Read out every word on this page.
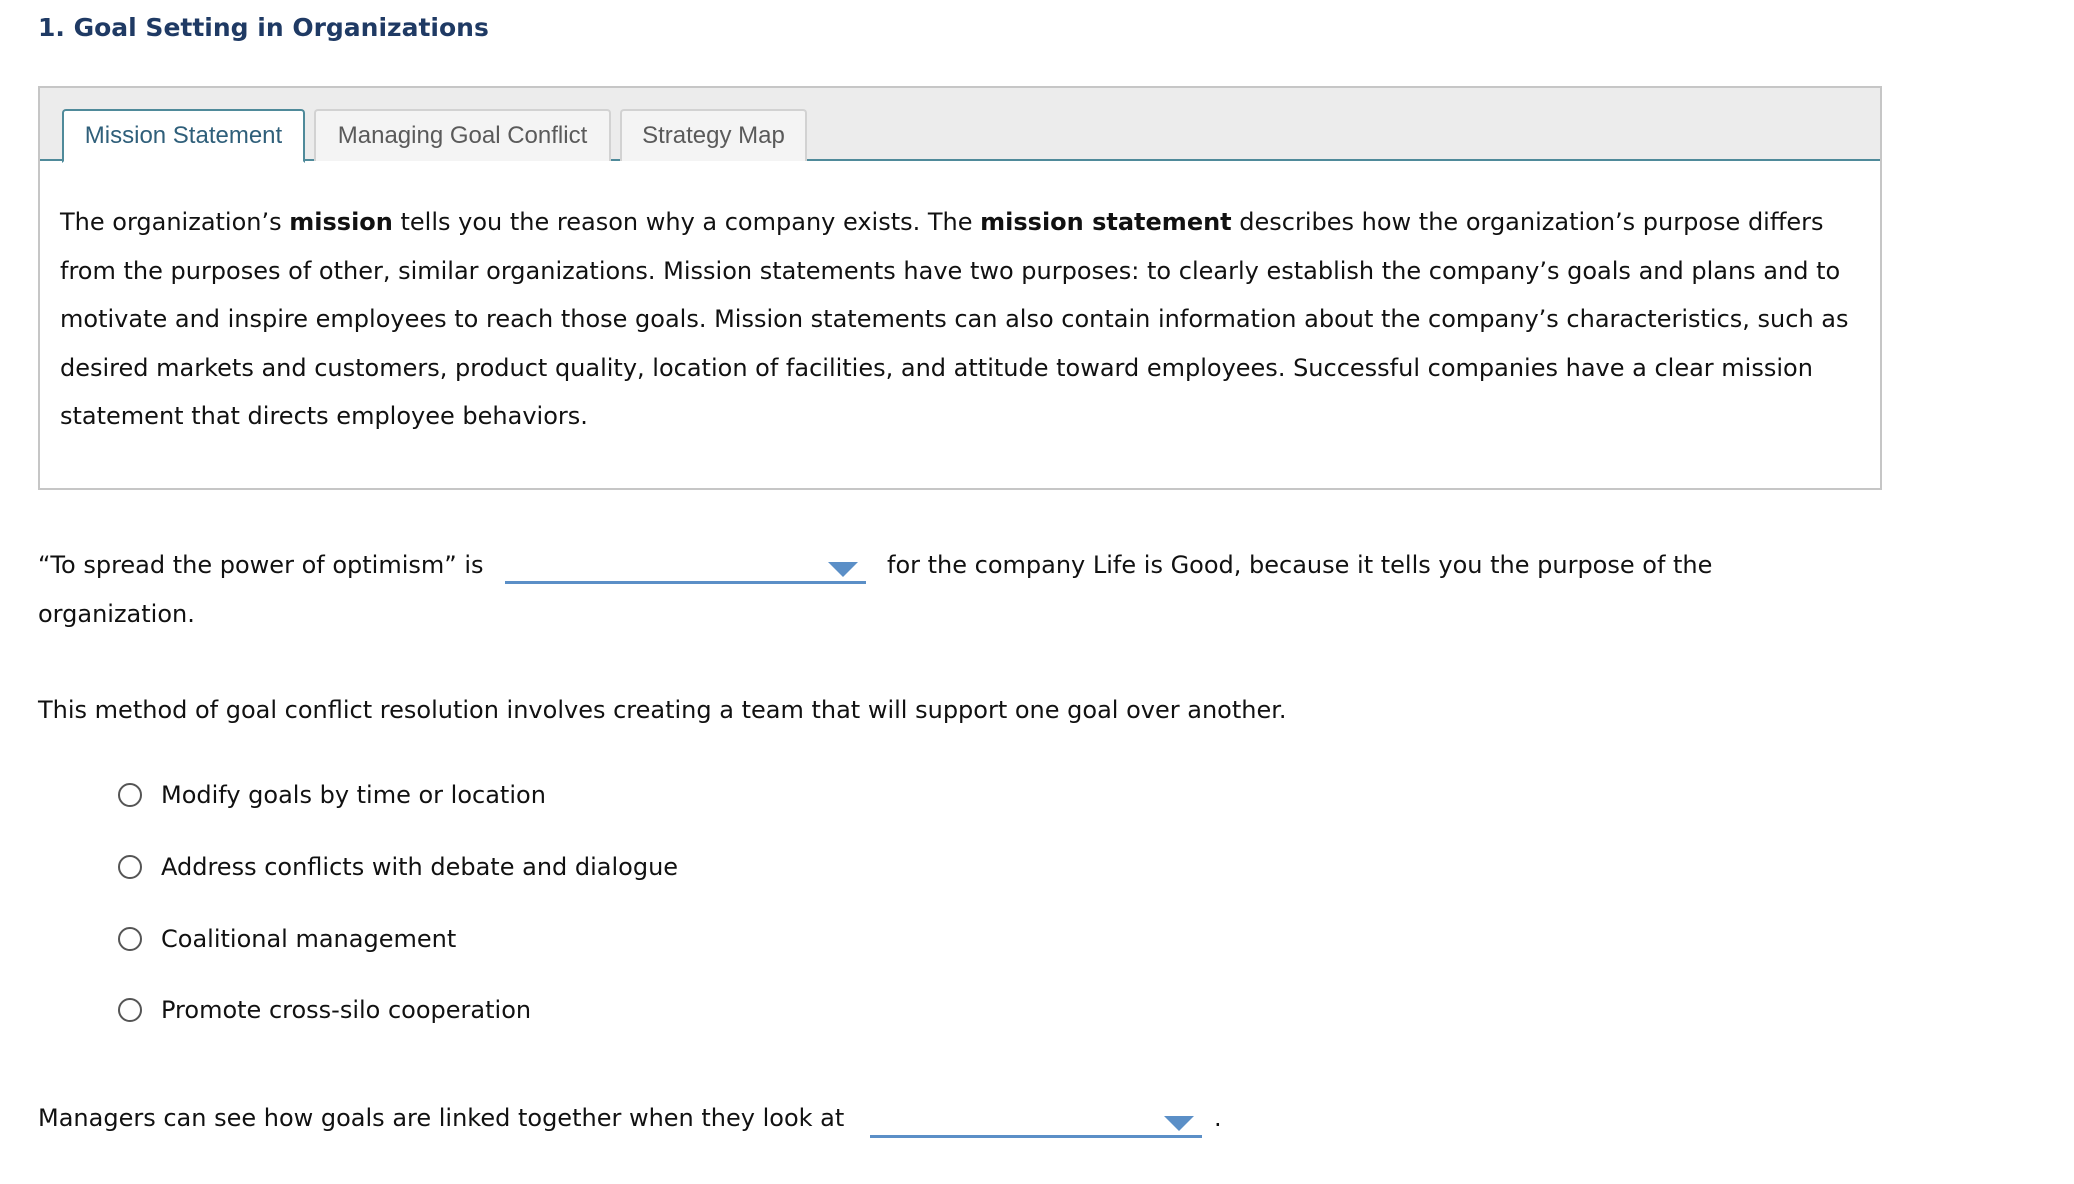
1. Goal Setting in Organizations
Mission Statement	Managing Goal Conflict	Strategy Map
The organization’s mission tells you the reason why a company exists. The mission statement describes how the organization’s purpose differs
from the purposes of other, similar organizations. Mission statements have two purposes: to clearly establish the company’s goals and plans and to
motivate and inspire employees to reach those goals. Mission statements can also contain information about the company’s characteristics, such as
desired markets and customers, product quality, location of facilities, and attitude toward employees. Successful companies have a clear mission
statement that directs employee behaviors.
“To spread the power of optimism” is	for the company Life is Good, because it tells you the purpose of the
organization.
This method of goal conflict resolution involves creating a team that will support one goal over another.
Modify goals by time or location
Address conflicts with debate and dialogue
Coalitional management
Promote cross-silo cooperation
Managers can see how goals are linked together when they look at	.
